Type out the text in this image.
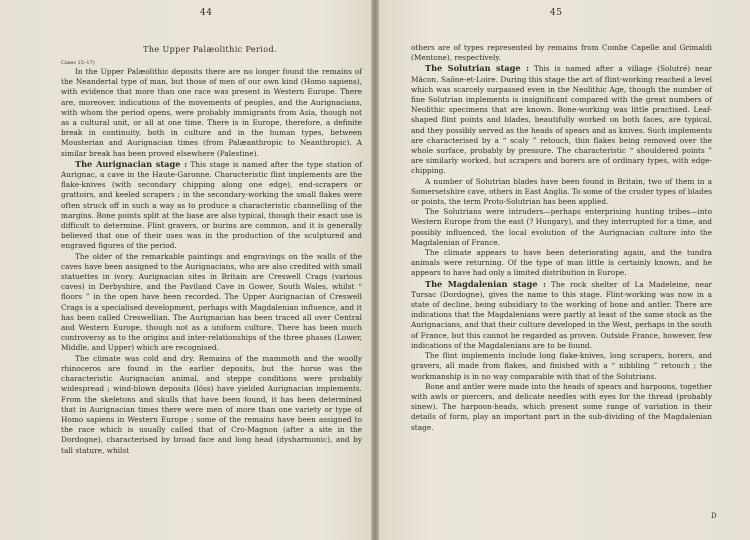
44
The Upper Palæolithic Period.
Cases 15–17)

In the Upper Palæolithic deposits there are no longer found the remains of the Neandertal type of man, but those of men of our own kind (Homo sapiens), with evidence that more than one race was present in Western Europe. There are, moreover, indications of the movements of peoples, and the Aurignacians, with whom the period opens, were probably immigrants from Asia, though not as a cultural unit, or all at one time. There is in Europe, therefore, a definite break in continuity, both in culture and in the human types, between Mousterian and Aurignacian times (from Palæanthropic to Neanthropic). A similar break has been proved elsewhere (Palestine).

The Aurignacian stage : This stage is named after the type station of Aurignac, a cave in the Haute-Garonne. Characteristic flint implements are the flake-knives (with secondary chipping along one edge), end-scrapers or grattoirs, and keeled scrapers ; in the secondary-working the small flakes were often struck off in such a way as to produce a characteristic channelling of the margins. Bone points split at the base are also typical, though their exact use is difficult to determine. Flint gravers, or burins are common, and it is generally believed that one of their uses was in the production of the sculptured and engraved figures of the period.

The older of the remarkable paintings and engravings on the walls of the caves have been assigned to the Aurignacians, who are also credited with small statuettes in ivory. Aurignacian sites in Britain are Creswell Crags (various caves) in Derbyshire, and the Paviland Cave in Gower, South Wales, whilst “ floors ” in the open have been recorded. The Upper Aurignacian of Creswell Crags is a specialised development, perhaps with Magdalenian influence, and it has been called Creswellian. The Aurignacian has been traced all over Central and Western Europe, though not as a uniform culture. There has been much controversy as to the origins and inter-relationships of the three phases (Lower, Middle, and Upper) which are recognised.

The climate was cold and dry. Remains of the mammoth and the woolly rhinoceros are found in the earlier deposits, but the horse was the characteristic Aurignacian animal, and steppe conditions were probably widespread ; wind-blown deposits (löss) have yielded Aurignacian implements. From the skeletons and skulls that have been found, it has been determined that in Aurignacian times there were men of more than one variety or type of Homo sapiens in Western Europe ; some of the remains have been assigned to the race which is usually called that of Cro-Magnon (after a site in the Dordogne), characterised by broad face and long head (dysharmonic), and by tall stature, whilst

45

others are of types represented by remains from Combe Capelle and Grimaldi (Mentone), respectively.

The Solutrian stage : This is named after a village (Solutré) near Mâcon, Saône-et-Loire. During this stage the art of flint-working reached a level which was scarcely surpassed even in the Neolithic Age, though the number of fine Solutrian implements is insignificant compared with the great numbers of Neolithic specimens that are known. Bone-working was little practised. Leaf-shaped flint points and blades, beautifully worked on both faces, are typical, and they possibly served as the heads of spears and as knives. Such implements are characterised by a “ scaly ” retouch, thin flakes being removed over the whole surface, probably by pressure. The characteristic “ shouldered points ” are similarly worked, but scrapers and borers are of ordinary types, with edge-chipping.

A number of Solutrian blades have been found in Britain, two of them in a Somersetshire cave, others in East Anglia. To some of the cruder types of blades or points, the term Proto-Solutrian has been applied.

The Solutrians were intruders—perhaps enterprising hunting tribes—into Western Europe from the east (? Hungary), and they interrupted for a time, and possibly influenced, the local evolution of the Aurignacian culture into the Magdalenian of France.

The climate appears to have been deteriorating again, and the tundra animals were returning. Of the type of man little is certainly known, and he appears to have had only a limited distribution in Europe.

The Magdalenian stage : The rock shelter of La Madeleine, near Tursac (Dordogne), gives the name to this stage. Flint-working was now in a state of decline, being subsidiary to the working of bone and antler. There are indications that the Magdalenians were partly at least of the same stock as the Aurignacians, and that their culture developed in the West, perhaps in the south of France, but this cannot be regarded as proven. Outside France, however, few indications of the Magdalenians are to be found.

The flint implements include long flake-knives, long scrapers, borers, and gravers, all made from flakes, and finished with a “ nibbling ” retouch ; the workmanship is in no way comparable with that of the Solutrians.

Bone and antler were made into the heads of spears and harpoons, together with awls or piercers, and delicate needles with eyes for the thread (probably sinew). The harpoon-heads, which present some range of variation in their details of form, play an important part in the sub-dividing of the Magdalenian stage.

D
